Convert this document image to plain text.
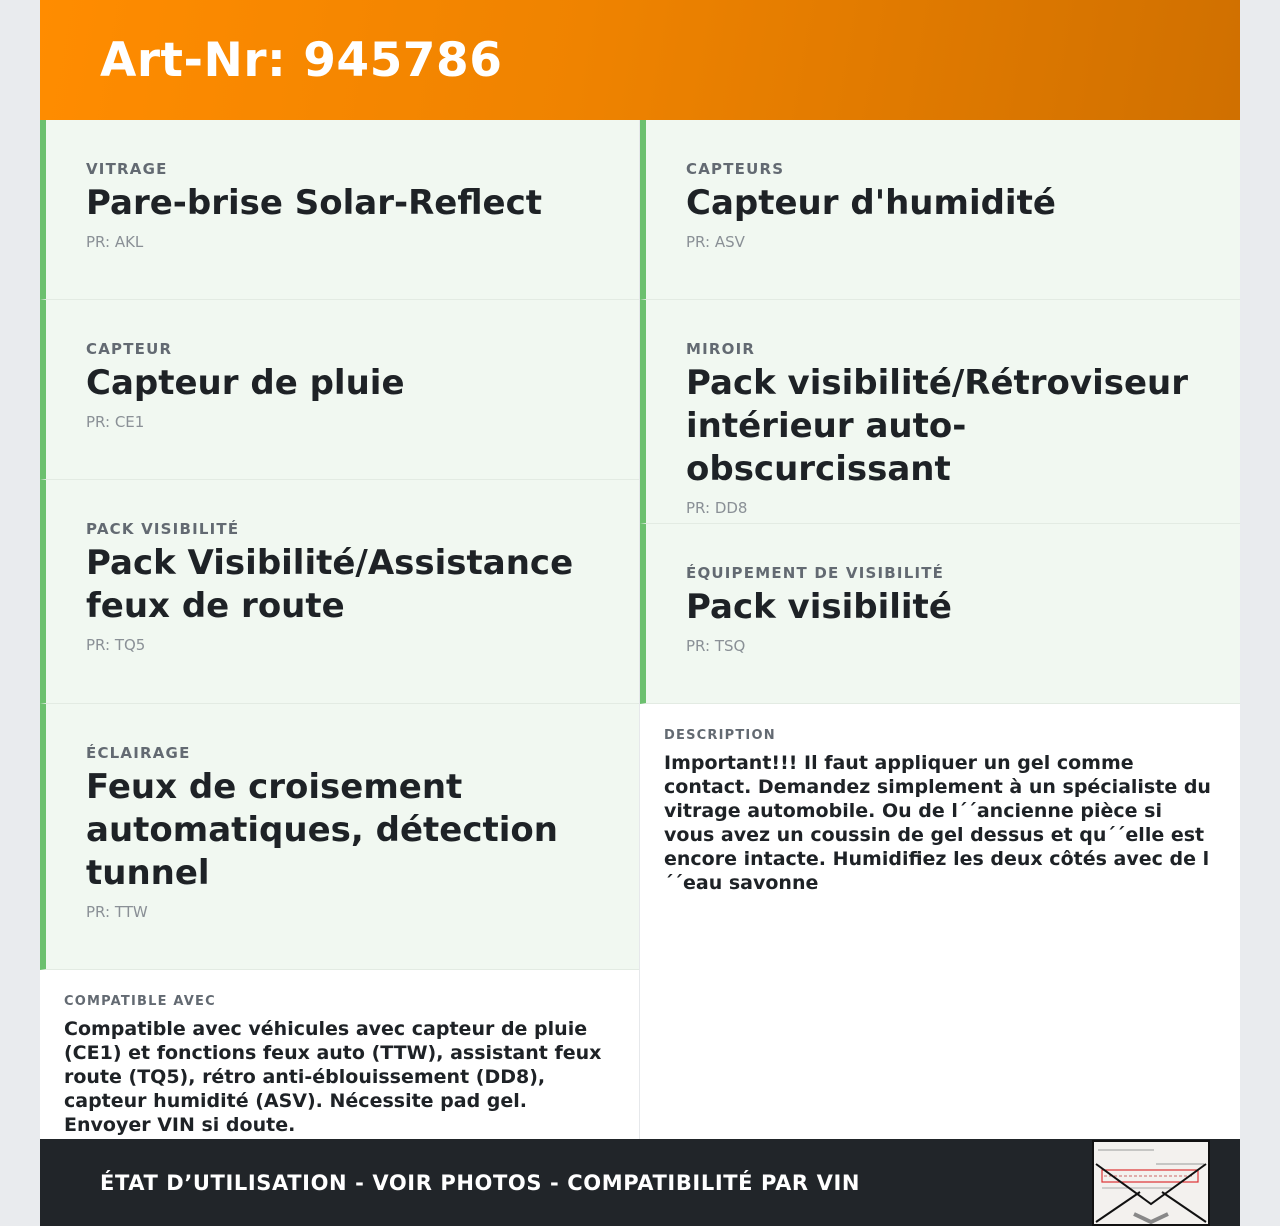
Art-Nr: 945786
VITRAGE
Pare-brise Solar-Reflect
PR: AKL
CAPTEUR
Capteur de pluie
PR: CE1
PACK VISIBILITÉ
Pack Visibilité/Assistance feux de route
PR: TQ5
ÉCLAIRAGE
Feux de croisement automatiques, détection tunnel
PR: TTW
COMPATIBLE AVEC
Compatible avec véhicules avec capteur de pluie (CE1) et fonctions feux auto (TTW), assistant feux route (TQ5), rétro anti-éblouissement (DD8), capteur humidité (ASV). Nécessite pad gel. Envoyer VIN si doute.
CAPTEURS
Capteur d'humidité
PR: ASV
MIROIR
Pack visibilité/Rétroviseur intérieur auto-obscurcissant
PR: DD8
ÉQUIPEMENT DE VISIBILITÉ
Pack visibilité
PR: TSQ
DESCRIPTION
Important!!! Il faut appliquer un gel comme contact. Demandez simplement à un spécialiste du vitrage automobile. Ou de l´´ancienne pièce si vous avez un coussin de gel dessus et qu´´elle est encore intacte. Humidifiez les deux côtés avec de l´´eau savonne
ÉTAT D’UTILISATION - VOIR PHOTOS - COMPATIBILITÉ PAR VIN
